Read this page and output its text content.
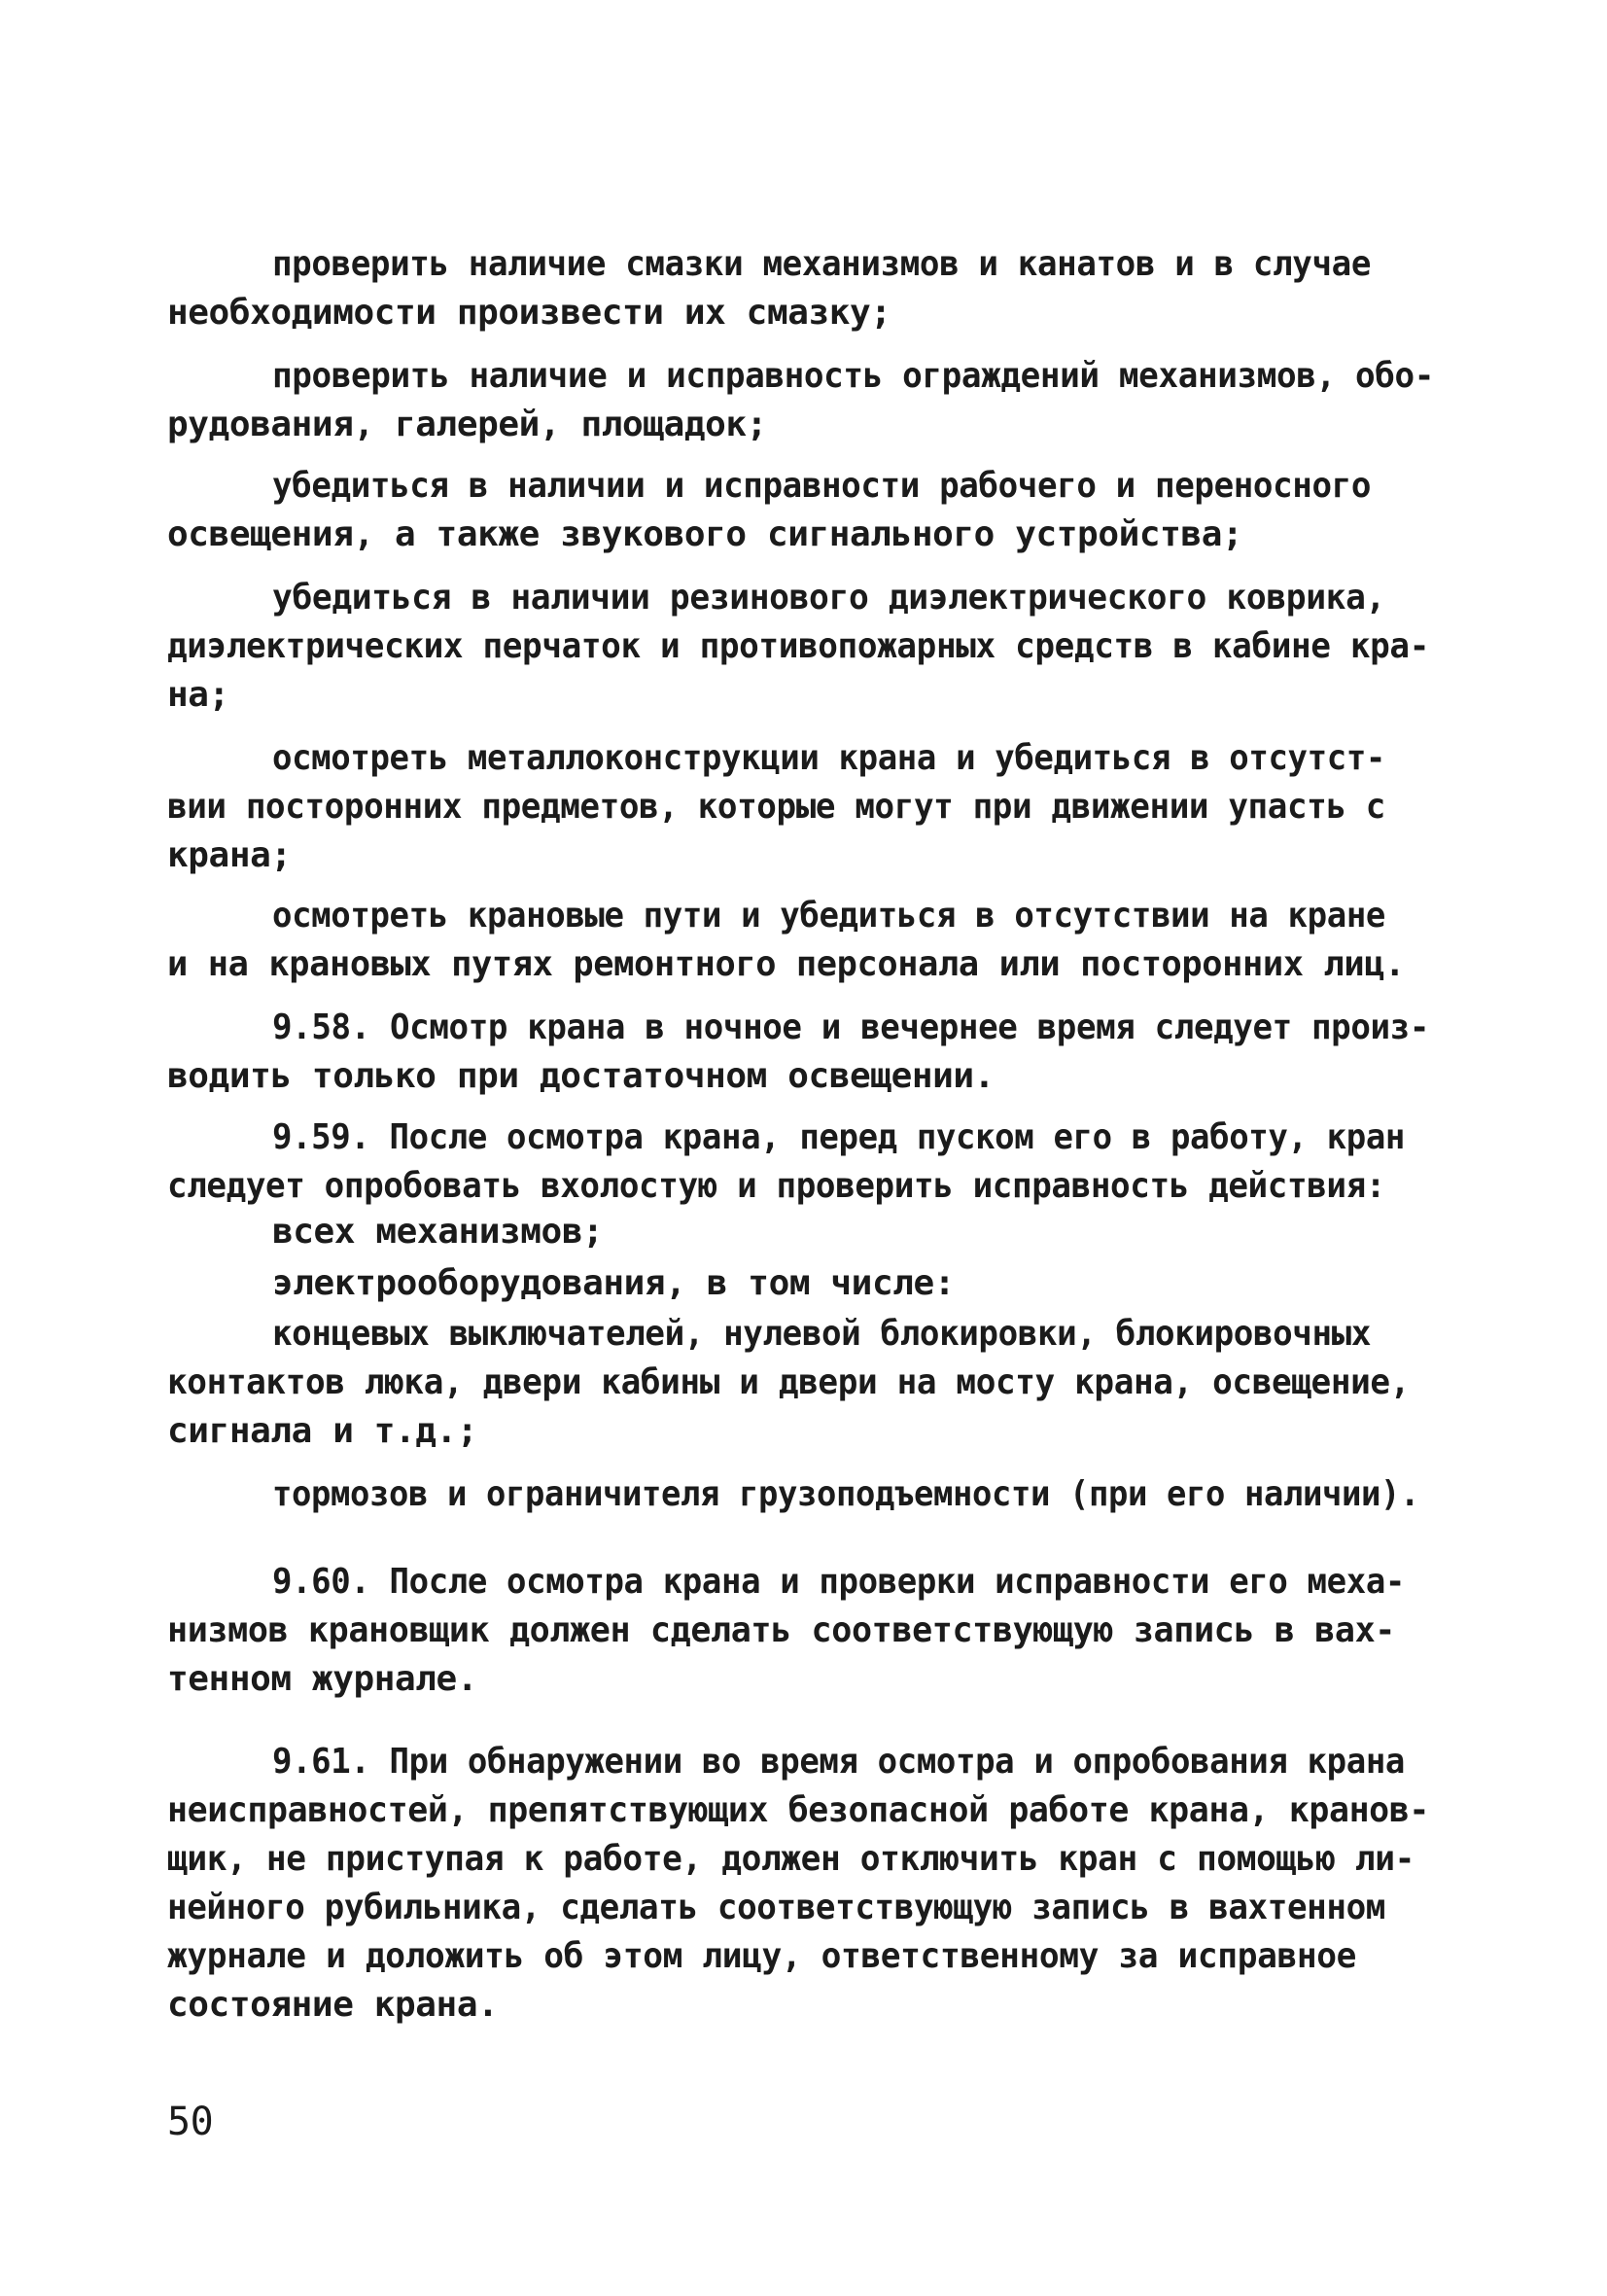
проверить наличие смазки механизмов и канатов и в случае

необходимости произвести их смазку;

проверить наличие и исправность ограждений механизмов, обо-

рудования, галерей, площадок;

убедиться в наличии и исправности рабочего и переносного

освещения, а также звукового сигнального устройства;

убедиться в наличии резинового диэлектрического коврика,

диэлектрических перчаток и противопожарных средств в кабине кра-

на;

осмотреть металлоконструкции крана и убедиться в отсутст-

вии посторонних предметов, которые могут при движении упасть с

крана;

осмотреть крановые пути и убедиться в отсутствии на кране

и на крановых путях ремонтного персонала или посторонних лиц.

9.58. Осмотр крана в ночное и вечернее время следует произ-

водить только при достаточном освещении.

9.59. После осмотра крана, перед пуском его в работу, кран

следует опробовать вхолостую и проверить исправность действия:

всех механизмов;

электрооборудования, в том числе:

концевых выключателей, нулевой блокировки, блокировочных

контактов люка, двери кабины и двери на мосту крана, освещение,

сигнала и т.д.;

тормозов и ограничителя грузоподъемности (при его наличии).

9.60. После осмотра крана и проверки исправности его меха-

низмов крановщик должен сделать соответствующую запись в вах-

тенном журнале.

9.61. При обнаружении во время осмотра и опробования крана

неисправностей, препятствующих безопасной работе крана, кранов-

щик, не приступая к работе, должен отключить кран с помощью ли-

нейного рубильника, сделать соответствующую запись в вахтенном

журнале и доложить об этом лицу, ответственному за исправное

состояние крана.

50
